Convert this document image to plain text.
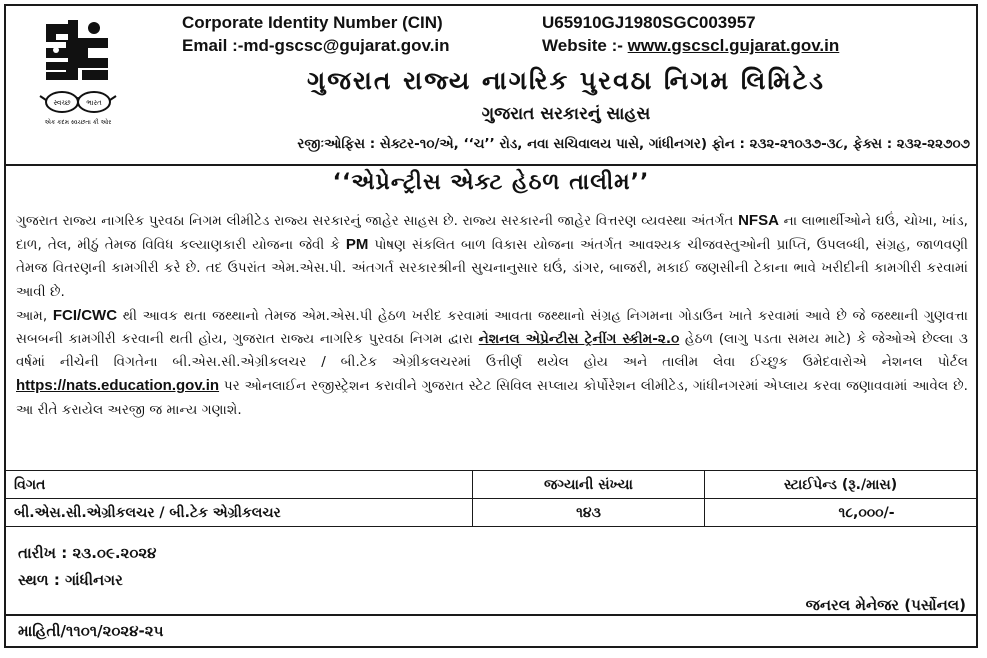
સ્વચ્છ ભારત
એક કદમ સ્વચ્છતા કી ઓર
Corporate Identity Number (CIN)	U65910GJ1980SGC003957
Email :-md-gscsc@gujarat.gov.in	Website :- www.gscscl.gujarat.gov.in
ગુજરાત રાજ્ય નાગરિક પુરવઠા નિગમ લિમિટેડ
ગુજરાત સરકારનું સાહસ
રજીઃઓફિસ : સેક્ટર-૧૦/એ, ‘‘ચ’’ રોડ, નવા સચિવાલય પાસે, ગાંધીનગર) ફોન : ૨૩૨-૨૧૦૩૭-૩૮, ફેક્સ : ૨૩૨-૨૨૭૦૭
‘‘એપ્રેન્ટ્રીસ એક્ટ હેઠળ તાલીમ’’

ગુજરાત રાજ્ય નાગરિક પુરવઠા નિગમ લીમીટેડ રાજ્ય સરકારનું જાહેર સાહસ છે. રાજ્ય સરકારની જાહેર વિત્તરણ વ્યવસ્થા અંતર્ગત NFSA ના લાભાર્થીઓને ઘઉં, ચોખા, ખાંડ, દાળ, તેલ, મીઠું તેમજ વિવિધ કલ્યાણકારી યોજના જેવી કે PM પોષણ સંકલિત બાળ વિકાસ યોજના અંતર્ગત આવશ્યક ચીજવસ્તુઓની પ્રાપ્તિ, ઉપલબ્ધી, સંગ્રહ, જાળવણી તેમજ વિતરણની કામગીરી કરે છે. તદ ઉપરાંત એમ.એસ.પી. અંતગર્ત સરકારશ્રીની સુચનાનુસાર ઘઉં, ડાંગર, બાજરી, મકાઈ જણસીની ટેકાના ભાવે ખરીદીની કામગીરી કરવામાં આવી છે.

આમ, FCI/CWC થી આવક થતા જથ્થાનો તેમજ એમ.એસ.પી હેઠળ ખરીદ કરવામાં આવતા જથ્થાનો સંગ્રહ નિગમના ગોડાઉન ખાતે કરવામાં આવે છે જે જથ્થાની ગુણવત્તા સબબની કામગીરી કરવાની થતી હોય, ગુજરાત રાજ્ય નાગરિક પુરવઠા નિગમ દ્વારા નેશનલ એપ્રેન્ટીસ ટ્રેનીંગ સ્કીમ-૨.૦ હેઠળ (લાગુ પડતા સમય માટે) કે જેઓએ છેલ્લા ૩ વર્ષમાં નીચેની વિગતેના બી.એસ.સી.એગ્રીકલચર / બી.ટેક એગ્રીકલચરમાં ઉત્તીર્ણ થયેલ હોય અને તાલીમ લેવા ઈચ્છુક ઉમેદવારોએ નેશનલ પોર્ટલ https://nats.education.gov.in પર ઓનલાઈન રજીસ્ટ્રેશન કરાવીને ગુજરાત સ્ટેટ સિવિલ સપ્લાય કોર્પોરેશન લીમીટેડ, ગાંધીનગરમાં એપ્લાય કરવા જણાવવામાં આવેલ છે. આ રીતે કરાયેલ અરજી જ માન્ય ગણાશે.

વિગત	જગ્યાની સંખ્યા	સ્ટાઈપેન્ડ (રૂ./માસ)
બી.એસ.સી.એગ્રીકલચર / બી.ટેક એગ્રીકલચર	૧૪૩	૧૮,૦૦૦/-
તારીખ : ૨૩.૦૯.૨૦૨૪
સ્થળ : ગાંધીનગર
જનરલ મેનેજર (પર્સોનલ)
માહિતી/૧૧૦૧/૨૦૨૪-૨૫
